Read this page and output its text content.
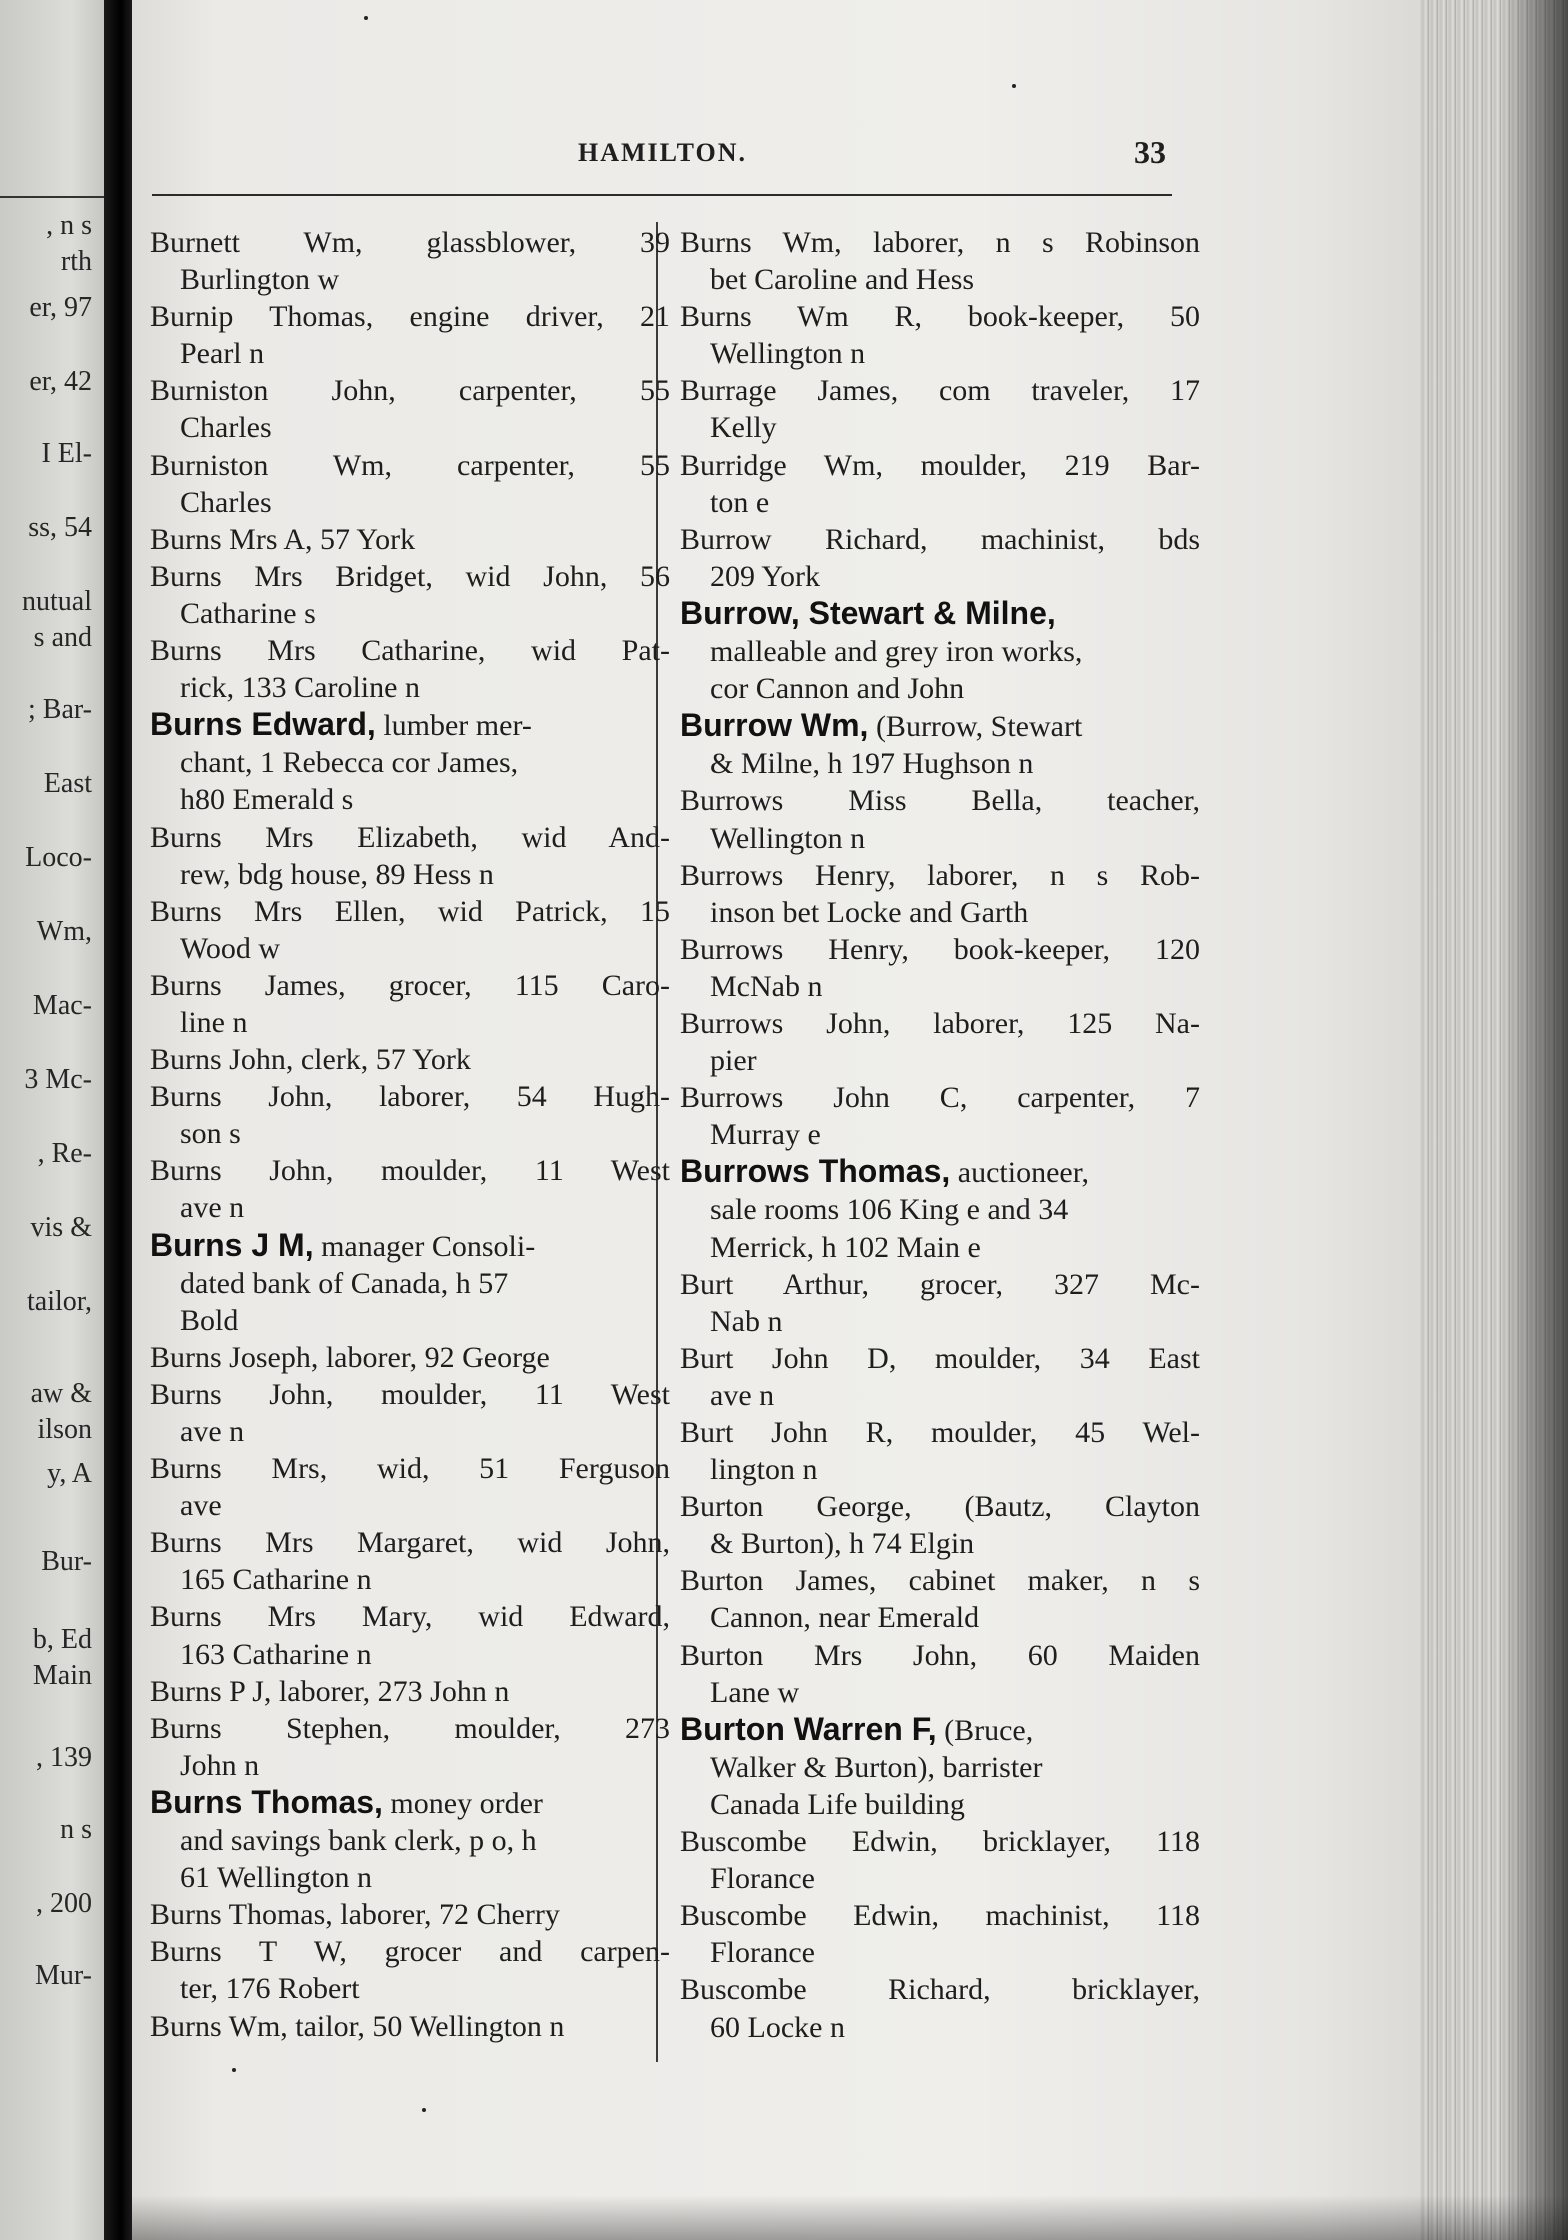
, n s
rth
er, 97
er, 42
I El-
ss, 54
nutual
s and
; Bar-
East
Loco-
Wm,
Mac-
3 Mc-
, Re-
vis &
tailor,
aw &
ilson
y, A
Bur-
b, Ed
Main
, 139
n s
, 200
Mur-
HAMILTON.	33
Burnett Wm, glassblower, 39
Burlington w
Burnip Thomas, engine driver, 21
Pearl n
Burniston John, carpenter, 55
Charles
Burniston Wm, carpenter, 55
Charles
Burns Mrs A, 57 York
Burns Mrs Bridget, wid John, 56
Catharine s
Burns Mrs Catharine, wid Pat-
rick, 133 Caroline n
Burns Edward, lumber mer-
chant, 1 Rebecca cor James,
h80 Emerald s
Burns Mrs Elizabeth, wid And-
rew, bdg house, 89 Hess n
Burns Mrs Ellen, wid Patrick, 15
Wood w
Burns James, grocer, 115 Caro-
line n
Burns John, clerk, 57 York
Burns John, laborer, 54 Hugh-
son s
Burns John, moulder, 11 West
ave n
Burns J M, manager Consoli-
dated bank of Canada, h 57
Bold
Burns Joseph, laborer, 92 George
Burns John, moulder, 11 West
ave n
Burns Mrs, wid, 51 Ferguson
ave
Burns Mrs Margaret, wid John,
165 Catharine n
Burns Mrs Mary, wid Edward,
163 Catharine n
Burns P J, laborer, 273 John n
Burns Stephen, moulder, 273
John n
Burns Thomas, money order
and savings bank clerk, p o, h
61 Wellington n
Burns Thomas, laborer, 72 Cherry
Burns T W, grocer and carpen-
ter, 176 Robert
Burns Wm, tailor, 50 Wellington n
Burns Wm, laborer, n s Robinson
bet Caroline and Hess
Burns Wm R, book-keeper, 50
Wellington n
Burrage James, com traveler, 17
Kelly
Burridge Wm, moulder, 219 Bar-
ton e
Burrow Richard, machinist, bds
209 York
Burrow, Stewart & Milne,
malleable and grey iron works,
cor Cannon and John
Burrow Wm, (Burrow, Stewart
& Milne, h 197 Hughson n
Burrows Miss Bella, teacher,
Wellington n
Burrows Henry, laborer, n s Rob-
inson bet Locke and Garth
Burrows Henry, book-keeper, 120
McNab n
Burrows John, laborer, 125 Na-
pier
Burrows John C, carpenter, 7
Murray e
Burrows Thomas, auctioneer,
sale rooms 106 King e and 34
Merrick, h 102 Main e
Burt Arthur, grocer, 327 Mc-
Nab n
Burt John D, moulder, 34 East
ave n
Burt John R, moulder, 45 Wel-
lington n
Burton George, (Bautz, Clayton
& Burton), h 74 Elgin
Burton James, cabinet maker, n s
Cannon, near Emerald
Burton Mrs John, 60 Maiden
Lane w
Burton Warren F, (Bruce,
Walker & Burton), barrister
Canada Life building
Buscombe Edwin, bricklayer, 118
Florance
Buscombe Edwin, machinist, 118
Florance
Buscombe Richard, bricklayer,
60 Locke n
